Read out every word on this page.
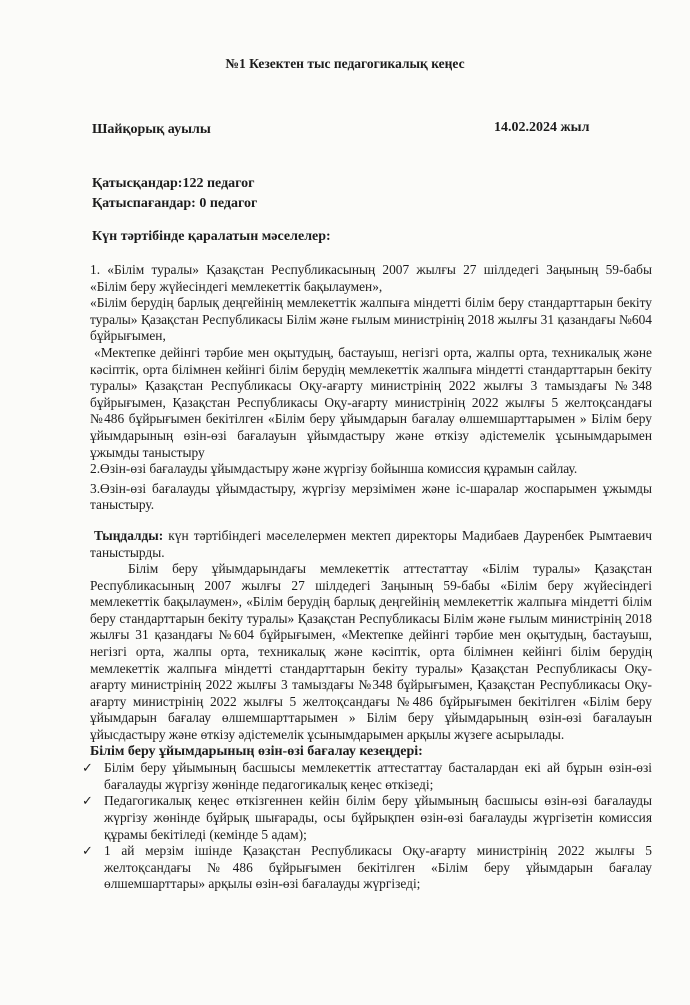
№1 Кезектен тыс педагогикалық кеңес
Шайқорық ауылы	14.02.2024 жыл
Қатысқандар:122 педагог
Қатыспағандар: 0 педагог
Күн тәртібінде қаралатын мәселелер:

1. «Білім туралы» Қазақстан Республикасының 2007 жылғы 27 шілдедегі Заңының 59-бабы «Білім беру жүйесіндегі мемлекеттік бақылаумен»,

«Білім берудің барлық деңгейінің мемлекеттік жалпыға міндетті білім беру стандарттарын бекіту туралы» Қазақстан Республикасы Білім және ғылым министрінің 2018 жылғы 31 қазандағы №604 бұйрығымен,

«Мектепке дейінгі тәрбие мен оқытудың, бастауыш, негізгі орта, жалпы орта, техникалық және кәсіптік, орта білімнен кейінгі білім берудің мемлекеттік жалпыға міндетті стандарттарын бекіту туралы» Қазақстан Республикасы Оқу-ағарту министрінің 2022 жылғы 3 тамыздағы №348 бұйрығымен, Қазақстан Республикасы Оқу-ағарту министрінің 2022 жылғы 5 желтоқсандағы №486 бұйрығымен бекітілген «Білім беру ұйымдарын бағалау өлшемшарттарымен » Білім беру ұйымдарының өзін-өзі бағалауын ұйымдастыру және өткізу әдістемелік ұсынымдарымен ұжымды таныстыру

2.Өзін-өзі бағалауды ұйымдастыру және жүргізу бойынша комиссия құрамын сайлау.

3.Өзін-өзі бағалауды ұйымдастыру, жүргізу мерзімімен және іс-шаралар жоспарымен ұжымды таныстыру.

Тыңдалды: күн тәртібіндегі мәселелермен мектеп директоры Мадибаев Дауренбек Рымтаевич таныстырды.

Білім беру ұйымдарындағы мемлекеттік аттестаттау «Білім туралы» Қазақстан Республикасының 2007 жылғы 27 шілдедегі Заңының 59-бабы «Білім беру жүйесіндегі мемлекеттік бақылаумен», «Білім берудің барлық деңгейінің мемлекеттік жалпыға міндетті білім беру стандарттарын бекіту туралы» Қазақстан Республикасы Білім және ғылым министрінің 2018 жылғы 31 қазандағы №604 бұйрығымен, «Мектепке дейінгі тәрбие мен оқытудың, бастауыш, негізгі орта, жалпы орта, техникалық және кәсіптік, орта білімнен кейінгі білім берудің мемлекеттік жалпыға міндетті стандарттарын бекіту туралы» Қазақстан Республикасы Оқу-ағарту министрінің 2022 жылғы 3 тамыздағы №348 бұйрығымен, Қазақстан Республикасы Оқу-ағарту министрінің 2022 жылғы 5 желтоқсандағы №486 бұйрығымен бекітілген «Білім беру ұйымдарын бағалау өлшемшарттарымен » Білім беру ұйымдарының өзін-өзі бағалауын ұйысдастыру және өткізу әдістемелік ұсынымдарымен арқылы жүзеге асырылады.

Білім беру ұйымдарының өзін-өзі бағалау кезеңдері:

✓ Білім беру ұйымының басшысы мемлекеттік аттестаттау басталардан екі ай бұрын өзін-өзі бағалауды жүргізу жөнінде педагогикалық кеңес өткізеді;
✓ Педагогикалық кеңес өткізгеннен кейін білім беру ұйымының басшысы өзін-өзі бағалауды жүргізу жөнінде бұйрық шығарады, осы бұйрықпен өзін-өзі бағалауды жүргізетін комиссия құрамы бекітіледі (кемінде 5 адам);
✓ 1 ай мерзім ішінде Қазақстан Республикасы Оқу-ағарту министрінің 2022 жылғы 5 желтоқсандағы №486 бұйрығымен бекітілген «Білім беру ұйымдарын бағалау өлшемшарттары» арқылы өзін-өзі бағалауды жүргізеді;
